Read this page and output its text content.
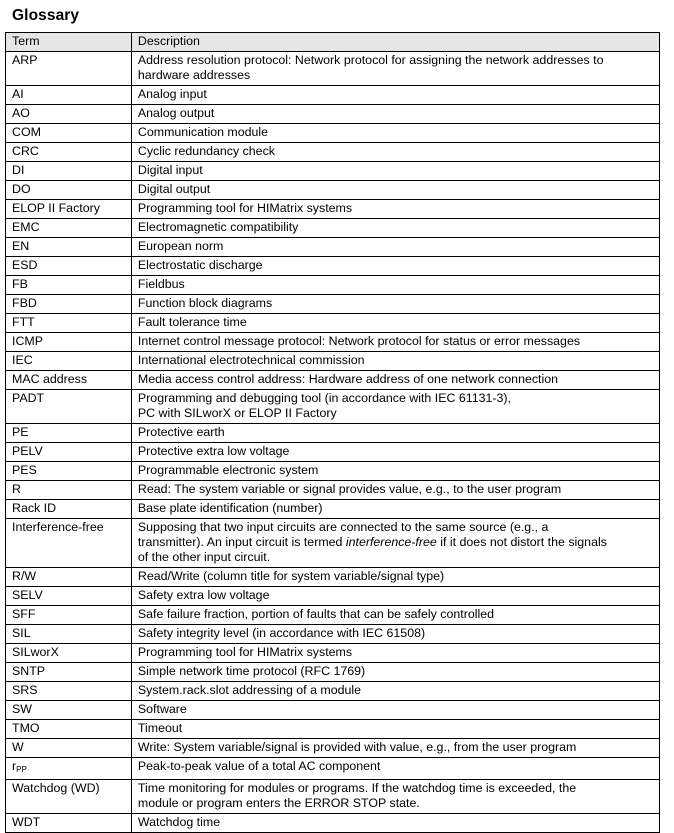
Glossary
Term	Description
ARP	Address resolution protocol: Network protocol for assigning the network addresses to
hardware addresses
AI	Analog input
AO	Analog output
COM	Communication module
CRC	Cyclic redundancy check
DI	Digital input
DO	Digital output
ELOP II Factory	Programming tool for HIMatrix systems
EMC	Electromagnetic compatibility
EN	European norm
ESD	Electrostatic discharge
FB	Fieldbus
FBD	Function block diagrams
FTT	Fault tolerance time
ICMP	Internet control message protocol: Network protocol for status or error messages
IEC	International electrotechnical commission
MAC address	Media access control address: Hardware address of one network connection
PADT	Programming and debugging tool (in accordance with IEC 61131-3),
PC with SILworX or ELOP II Factory
PE	Protective earth
PELV	Protective extra low voltage
PES	Programmable electronic system
R	Read: The system variable or signal provides value, e.g., to the user program
Rack ID	Base plate identification (number)
Interference-free	Supposing that two input circuits are connected to the same source (e.g., a
transmitter). An input circuit is termed interference-free if it does not distort the signals
of the other input circuit.
R/W	Read/Write (column title for system variable/signal type)
SELV	Safety extra low voltage
SFF	Safe failure fraction, portion of faults that can be safely controlled
SIL	Safety integrity level (in accordance with IEC 61508)
SILworX	Programming tool for HIMatrix systems
SNTP	Simple network time protocol (RFC 1769)
SRS	System.rack.slot addressing of a module
SW	Software
TMO	Timeout
W	Write: System variable/signal is provided with value, e.g., from the user program
$r_{PP}$	Peak-to-peak value of a total AC component
Watchdog (WD)	Time monitoring for modules or programs. If the watchdog time is exceeded, the
module or program enters the ERROR STOP state.
WDT	Watchdog time
